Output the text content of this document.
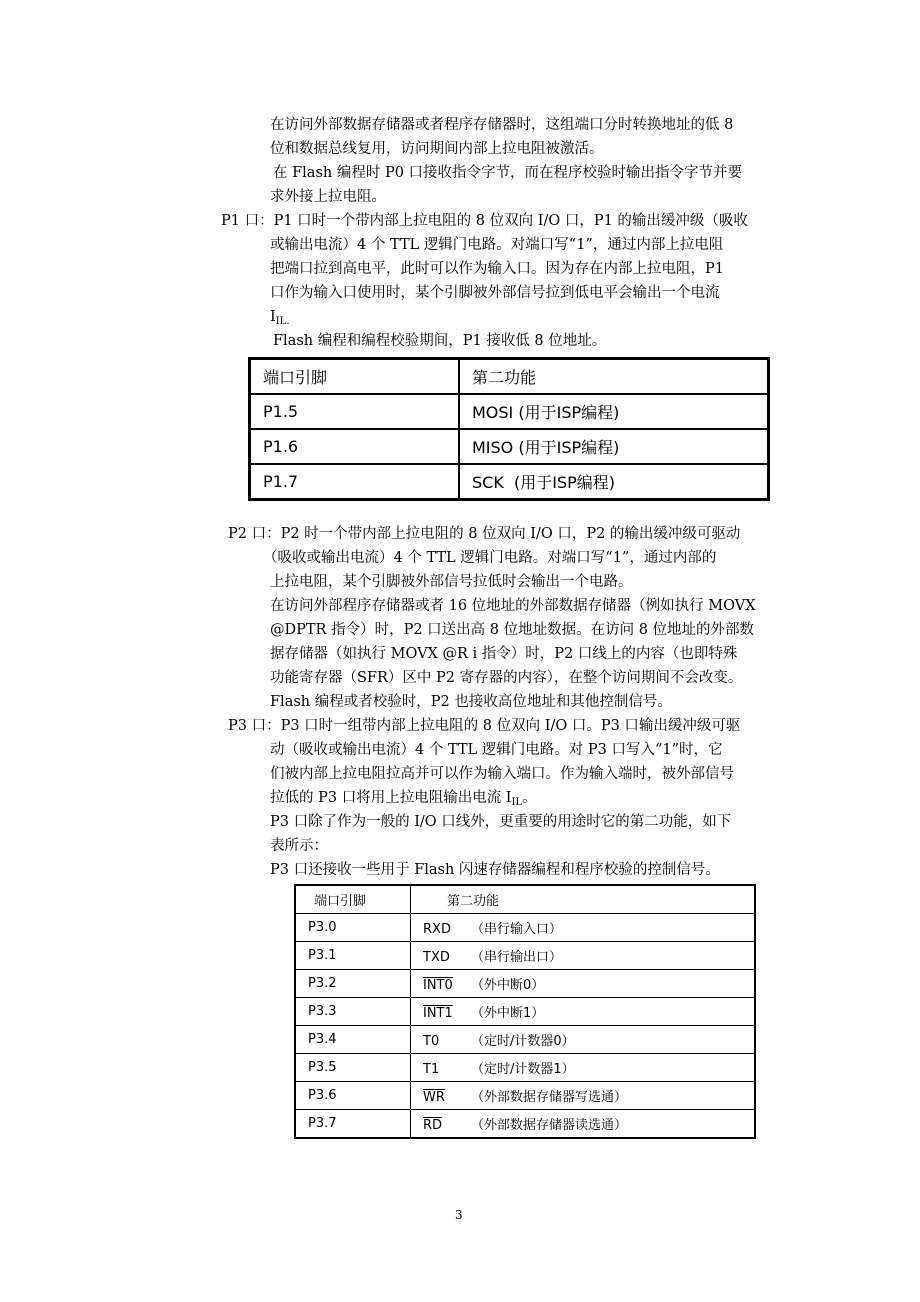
在访问外部数据存储器或者程序存储器时，这组端口分时转换地址的低 8
位和数据总线复用，访问期间内部上拉电阻被激活。
在 Flash 编程时 P0 口接收指令字节，而在程序校验时输出指令字节并要
求外接上拉电阻。
P1 口：P1 口时一个带内部上拉电阻的 8 位双向 I/O 口，P1 的输出缓冲级（吸收
或输出电流）4 个 TTL 逻辑门电路。对端口写“1”，通过内部上拉电阻
把端口拉到高电平，此时可以作为输入口。因为存在内部上拉电阻，P1
口作为输入口使用时，某个引脚被外部信号拉到低电平会输出一个电流
$I_{IL.}$
Flash 编程和编程校验期间，P1 接收低 8 位地址。
端口引脚	第二功能
P1.5	MOSI (用于ISP编程)
P1.6	MISO (用于ISP编程)
P1.7	SCK  (用于ISP编程)
P2 口：P2 时一个带内部上拉电阻的 8 位双向 I/O 口，P2 的输出缓冲级可驱动
（吸收或输出电流）4 个 TTL 逻辑门电路。对端口写“1”，通过内部的
上拉电阻，某个引脚被外部信号拉低时会输出一个电路。
在访问外部程序存储器或者 16 位地址的外部数据存储器（例如执行 MOVX
@DPTR 指令）时，P2 口送出高 8 位地址数据。在访问 8 位地址的外部数
据存储器（如执行 MOVX @R i 指令）时，P2 口线上的内容（也即特殊
功能寄存器（SFR）区中 P2 寄存器的内容），在整个访问期间不会改变。
Flash 编程或者校验时，P2 也接收高位地址和其他控制信号。
P3 口：P3 口时一组带内部上拉电阻的 8 位双向 I/O 口。P3 口输出缓冲级可驱
动（吸收或输出电流）4 个 TTL 逻辑门电路。对 P3 口写入“1”时，它
们被内部上拉电阻拉高并可以作为输入端口。作为输入端时，被外部信号
拉低的 P3 口将用上拉电阻输出电流 $I_{IL}$。
P3 口除了作为一般的 I/O 口线外，更重要的用途时它的第二功能，如下
表所示：
P3 口还接收一些用于 Flash 闪速存储器编程和程序校验的控制信号。
端口引脚	第二功能
P3.0	RXD （串行输入口）
P3.1	TXD （串行输出口）
P3.2	INT0 （外中断0）
P3.3	INT1 （外中断1）
P3.4	T0 （定时/计数器0）
P3.5	T1 （定时/计数器1）
P3.6	$\overline{WR}$ （外部数据存储器写选通）
P3.7	$\overline{RD}$ （外部数据存储器读选通）
3
